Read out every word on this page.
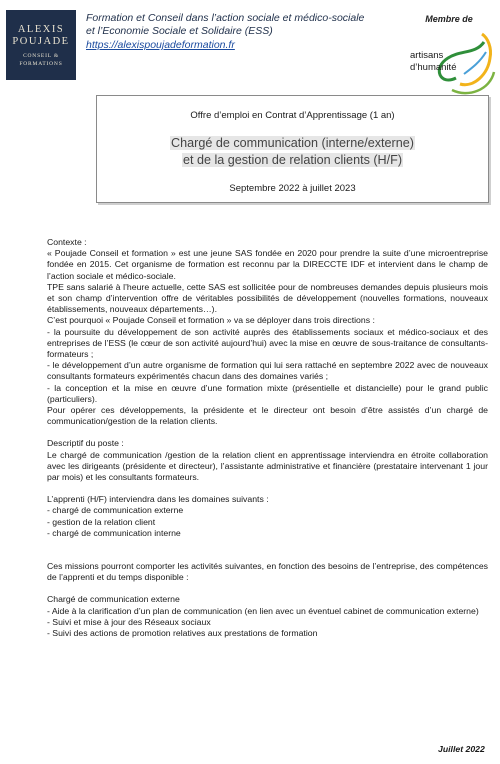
ALEXIS
POUJADE
CONSEIL & FORMATIONS
Formation et Conseil dans l’action sociale et médico-sociale
et l’Economie Sociale et Solidaire (ESS)
https://alexispoujadeformation.fr
Membre de
artisans
d’humanité
Offre d’emploi en Contrat d’Apprentissage (1 an)
Chargé de communication (interne/externe)
et de la gestion de relation clients (H/F)
Septembre 2022 à juillet 2023

Contexte :

« Poujade Conseil et formation » est une jeune SAS fondée en 2020 pour prendre la suite d’une microentreprise fondée en 2015. Cet organisme de formation est reconnu par la DIRECCTE IDF et intervient dans le champ de l’action sociale et médico-sociale.

TPE sans salarié à l’heure actuelle, cette SAS est sollicitée pour de nombreuses demandes depuis plusieurs mois et son champ d’intervention offre de véritables possibilités de développement (nouvelles formations, nouveaux établissements, nouveaux départements…).

C’est pourquoi « Poujade Conseil et formation » va se déployer dans trois directions :

- la poursuite du développement de son activité auprès des établissements sociaux et médico-sociaux et des entreprises de l’ESS (le cœur de son activité aujourd’hui) avec la mise en œuvre de sous-traitance de consultants-formateurs ;

- le développement d’un autre organisme de formation qui lui sera rattaché en septembre 2022 avec de nouveaux consultants formateurs expérimentés chacun dans des domaines variés ;

- la conception et la mise en œuvre d’une formation mixte (présentielle et distancielle) pour le grand public (particuliers).

Pour opérer ces développements, la présidente et le directeur ont besoin d’être assistés d’un chargé de communication/gestion de la relation clients.

Descriptif du poste :

Le chargé de communication /gestion de la relation client en apprentissage interviendra en étroite collaboration avec les dirigeants (présidente et directeur), l’assistante administrative et financière (prestataire intervenant 1 jour par mois) et les consultants formateurs.

L’apprenti (H/F) interviendra dans les domaines suivants :

- chargé de communication externe

- gestion de la relation client

- chargé de communication interne

Ces missions pourront comporter les activités suivantes, en fonction des besoins de l’entreprise, des compétences de l’apprenti et du temps disponible :

Chargé de communication externe

- Aide à la clarification d’un plan de communication (en lien avec un éventuel cabinet de communication externe)

- Suivi et mise à jour des Réseaux sociaux

- Suivi des actions de promotion relatives aux prestations de formation

Juillet 2022
